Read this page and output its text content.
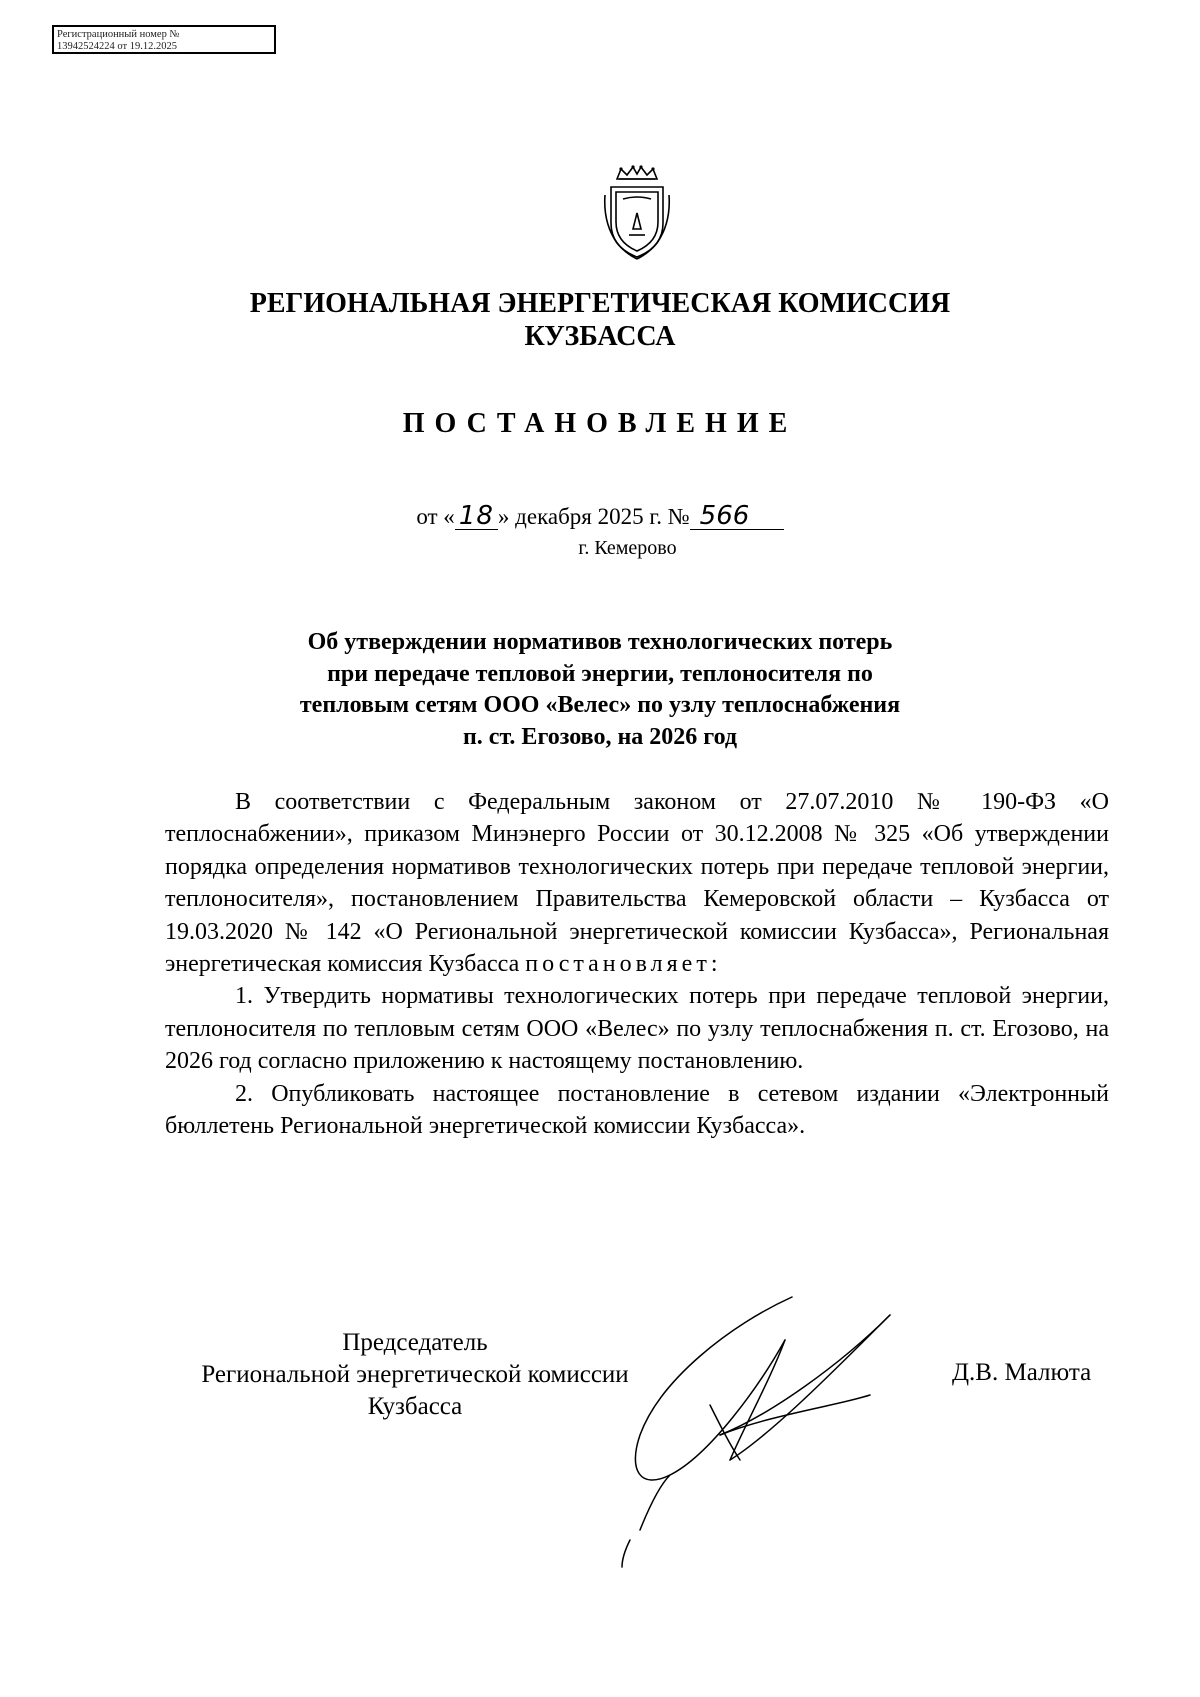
Регистрационный номер №
13942524224 от 19.12.2025
РЕГИОНАЛЬНАЯ ЭНЕРГЕТИЧЕСКАЯ КОМИССИЯ
КУЗБАССА
ПОСТАНОВЛЕНИЕ
от « 18 » декабря 2025 г. № 566
г. Кемерово
Об утверждении нормативов технологических потерь
при передаче тепловой энергии, теплоносителя по
тепловым сетям ООО «Велес» по узлу теплоснабжения
п. ст. Егозово, на 2026 год

В соответствии с Федеральным законом от 27.07.2010 № 190-ФЗ «О теплоснабжении», приказом Минэнерго России от 30.12.2008 № 325 «Об утверждении порядка определения нормативов технологических потерь при передаче тепловой энергии, теплоносителя», постановлением Правительства Кемеровской области – Кузбасса от 19.03.2020 № 142 «О Региональной энергетической комиссии Кузбасса», Региональная энергетическая комиссия Кузбасса постановляет:

1. Утвердить нормативы технологических потерь при передаче тепловой энергии, теплоносителя по тепловым сетям ООО «Велес» по узлу теплоснабжения п. ст. Егозово, на 2026 год согласно приложению к настоящему постановлению.

2. Опубликовать настоящее постановление в сетевом издании «Электронный бюллетень Региональной энергетической комиссии Кузбасса».

Председатель
Региональной энергетической комиссии
Кузбасса
Д.В. Малюта
